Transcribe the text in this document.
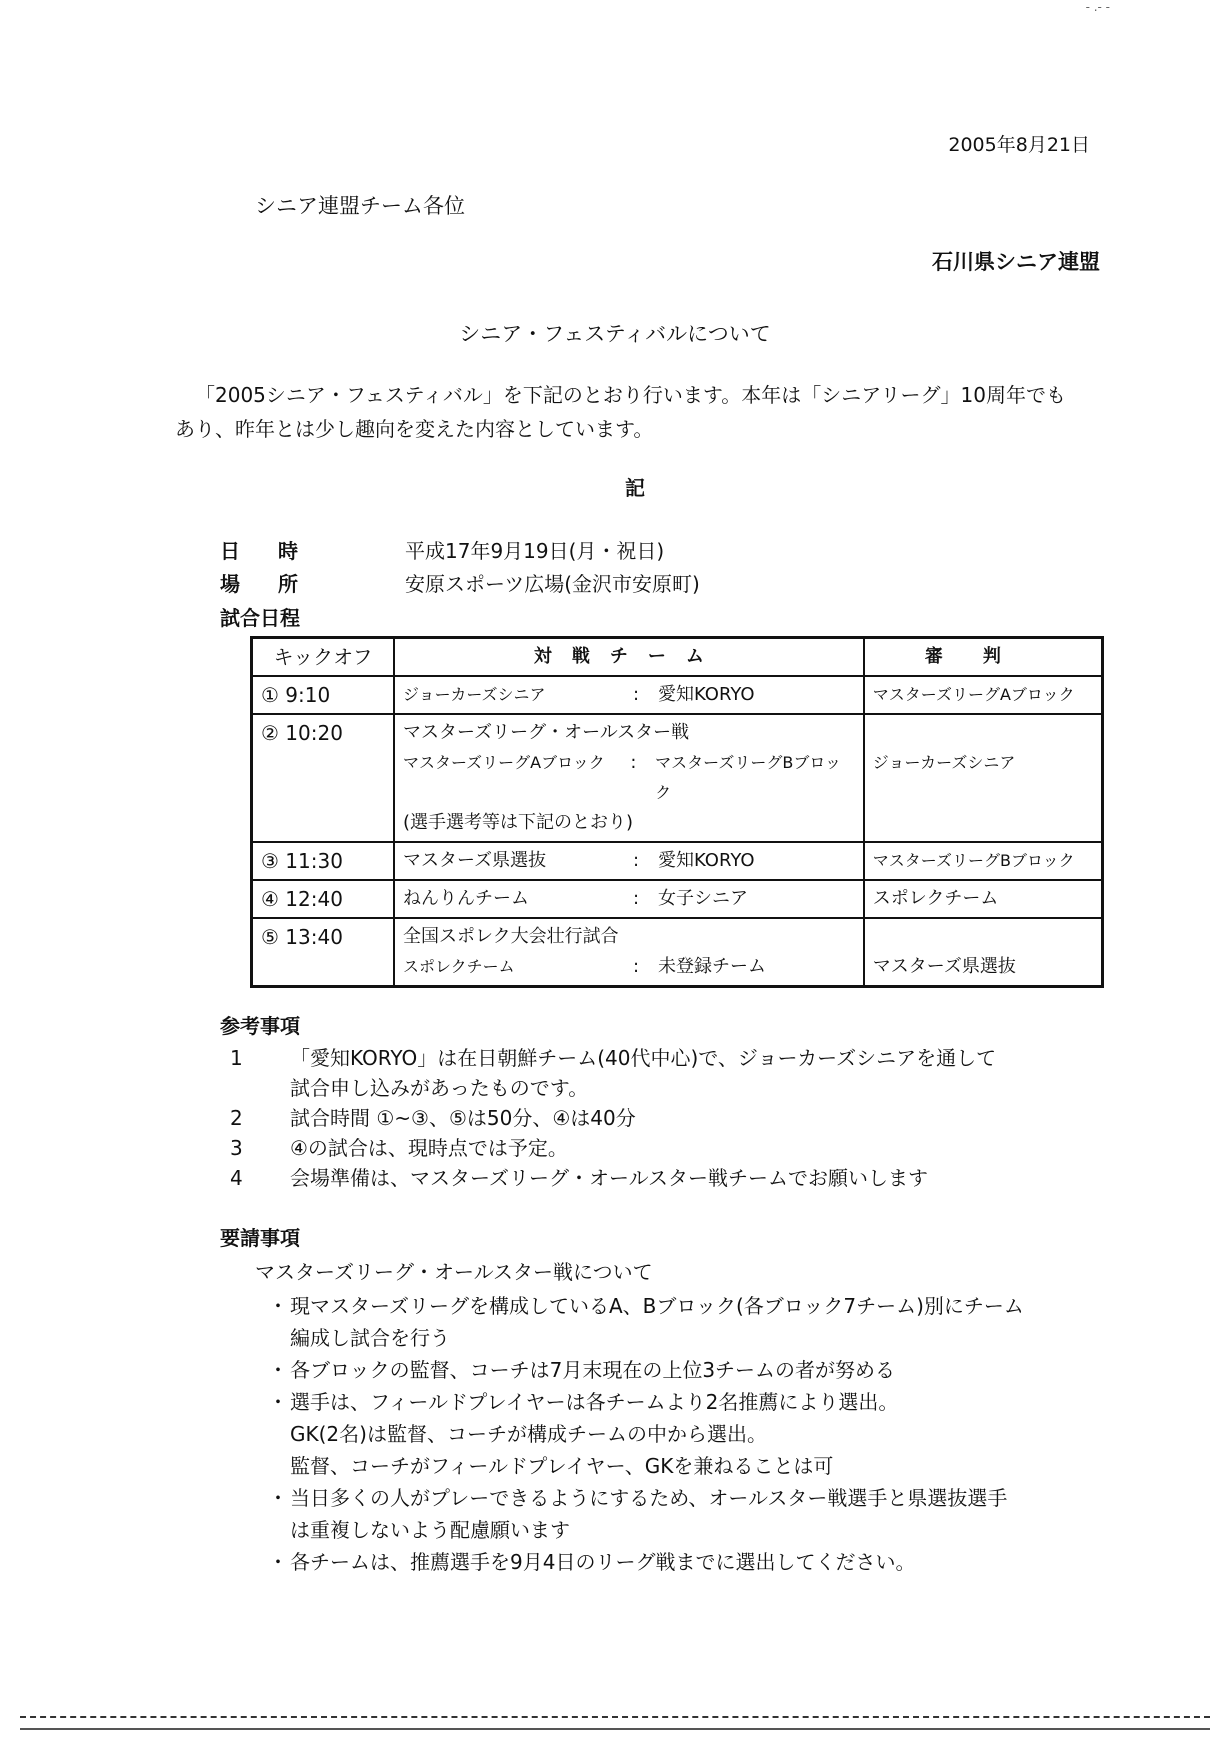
- .- -
2005年8月21日
シニア連盟チーム各位
石川県シニア連盟
シニア・フェスティバルについて
「2005シニア・フェスティバル」を下記のとおり行います。本年は「シニアリーグ」10周年でも
あり、昨年とは少し趣向を変えた内容としています。
記
日時	平成17年9月19日(月・祝日)
場所	安原スポーツ広場(金沢市安原町)
試合日程
キックオフ	対戦チーム	審判
① 9:10	ジョーカーズシニア : 愛知KORYO	マスターズリーグAブロック
② 10:20	マスターズリーグ・オールスター戦
マスターズリーグAブロック : マスターズリーグBブロック
(選手選考等は下記のとおり)	ジョーカーズシニア
③ 11:30	マスターズ県選抜 : 愛知KORYO	マスターズリーグBブロック
④ 12:40	ねんりんチーム : 女子シニア	スポレクチーム
⑤ 13:40	全国スポレク大会壮行試合
スポレクチーム : 未登録チーム	マスターズ県選抜
参考事項
1	「愛知KORYO」は在日朝鮮チーム(40代中心)で、ジョーカーズシニアを通して
試合申し込みがあったものです。
2	試合時間 ①~③、⑤は50分、④は40分
3	④の試合は、現時点では予定。
4	会場準備は、マスターズリーグ・オールスター戦チームでお願いします
要請事項
マスターズリーグ・オールスター戦について
・ 現マスターズリーグを構成しているA、Bブロック(各ブロック7チーム)別にチーム
編成し試合を行う
・ 各ブロックの監督、コーチは7月末現在の上位3チームの者が努める
・ 選手は、フィールドプレイヤーは各チームより2名推薦により選出。
GK(2名)は監督、コーチが構成チームの中から選出。
監督、コーチがフィールドプレイヤー、GKを兼ねることは可
・ 当日多くの人がプレーできるようにするため、オールスター戦選手と県選抜選手
は重複しないよう配慮願います
・ 各チームは、推薦選手を9月4日のリーグ戦までに選出してください。
